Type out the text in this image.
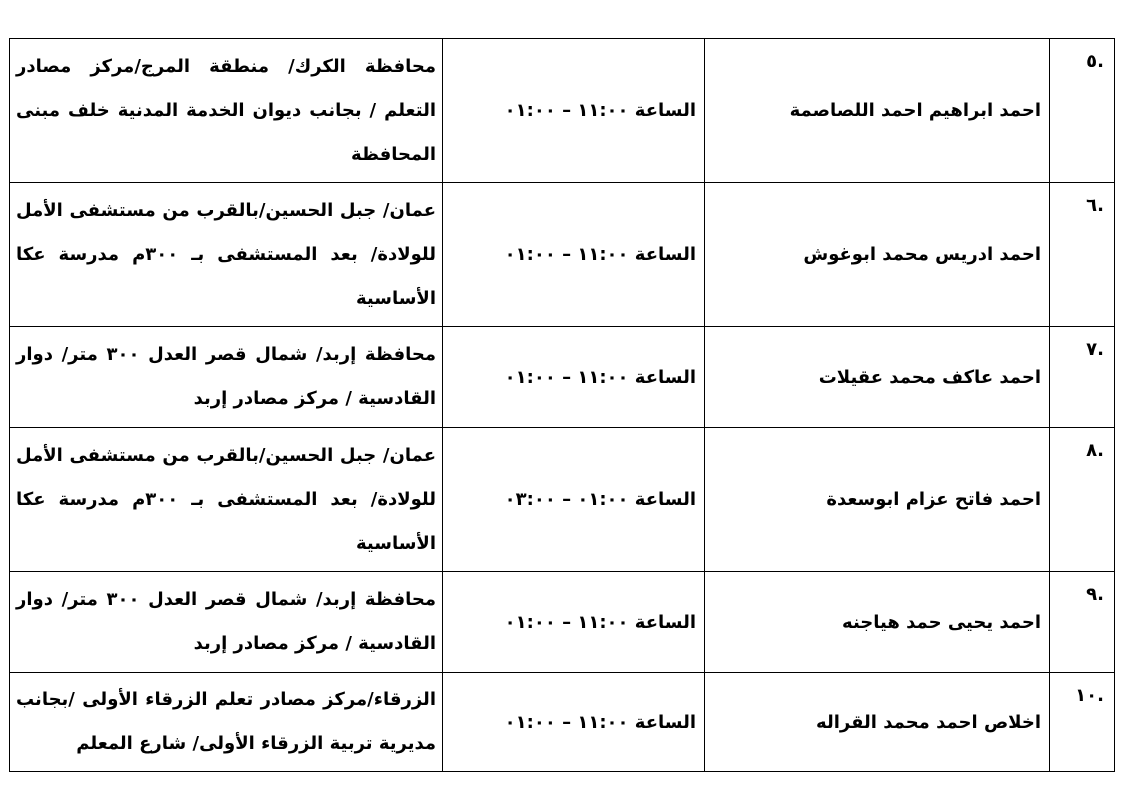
.٥	احمد ابراهيم احمد اللصاصمة	الساعة ١١:٠٠ – ٠١:٠٠	محافظة الكرك/ منطقة المرج/مركز مصادر التعلم / بجانب ديوان الخدمة المدنية خلف مبنى المحافظة
.٦	احمد ادريس محمد ابوغوش	الساعة ١١:٠٠ – ٠١:٠٠	عمان/ جبل الحسين/بالقرب من مستشفى الأمل للولادة/ بعد المستشفى بـ ٣٠٠م مدرسة عكا الأساسية
.٧	احمد عاكف محمد عقيلات	الساعة ١١:٠٠ – ٠١:٠٠	محافظة إربد/ شمال قصر العدل ٣٠٠ متر/ دوار القادسية / مركز مصادر إربد
.٨	احمد فاتح عزام ابوسعدة	الساعة ٠١:٠٠ – ٠٣:٠٠	عمان/ جبل الحسين/بالقرب من مستشفى الأمل للولادة/ بعد المستشفى بـ ٣٠٠م مدرسة عكا الأساسية
.٩	احمد يحيى حمد هياجنه	الساعة ١١:٠٠ – ٠١:٠٠	محافظة إربد/ شمال قصر العدل ٣٠٠ متر/ دوار القادسية / مركز مصادر إربد
.١٠	اخلاص احمد محمد القراله	الساعة ١١:٠٠ – ٠١:٠٠	الزرقاء/مركز مصادر تعلم الزرقاء الأولى /بجانب مديرية تربية الزرقاء الأولى/ شارع المعلم
